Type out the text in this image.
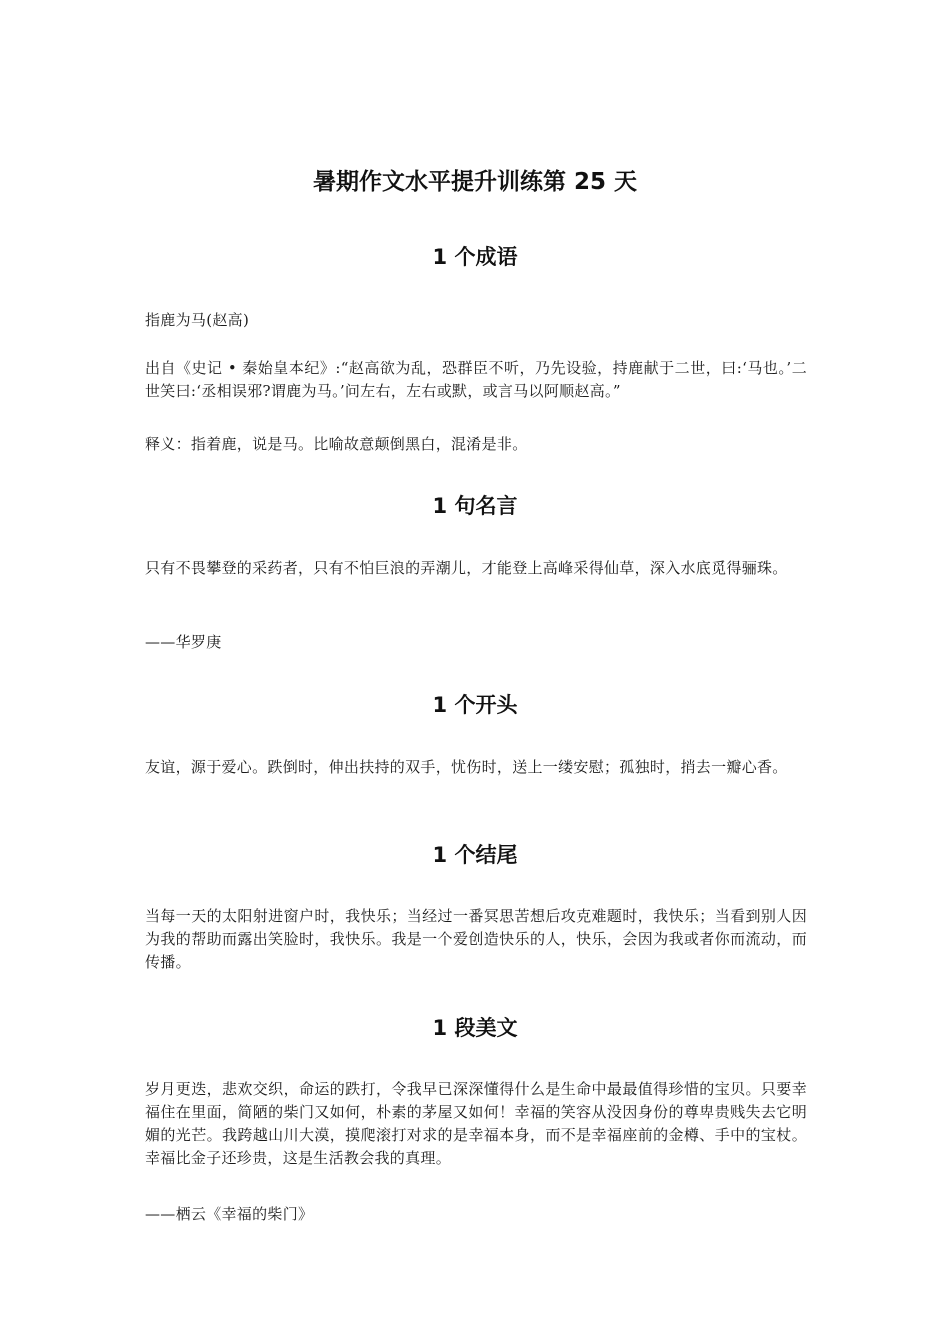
暑期作文水平提升训练第 25 天
1 个成语
指鹿为马(赵高)
出自《史记 • 秦始皇本纪》:“赵高欲为乱，恐群臣不听，乃先设验，持鹿献于二世，曰:‘马也。’二世笑曰:‘丞相误邪?谓鹿为马。’问左右，左右或默，或言马以阿顺赵高。”
释义：指着鹿，说是马。比喻故意颠倒黑白，混淆是非。
1 句名言
只有不畏攀登的采药者，只有不怕巨浪的弄潮儿，才能登上高峰采得仙草，深入水底觅得骊珠。
——华罗庚
1 个开头
友谊，源于爱心。跌倒时，伸出扶持的双手，忧伤时，送上一缕安慰；孤独时，捎去一瓣心香。
1 个结尾
当每一天的太阳射进窗户时，我快乐；当经过一番冥思苦想后攻克难题时，我快乐；当看到别人因为我的帮助而露出笑脸时，我快乐。我是一个爱创造快乐的人，快乐，会因为我或者你而流动，而传播。
1 段美文
岁月更迭，悲欢交织，命运的跌打，令我早已深深懂得什么是生命中最最值得珍惜的宝贝。只要幸福住在里面，简陋的柴门又如何，朴素的茅屋又如何！幸福的笑容从没因身份的尊卑贵贱失去它明媚的光芒。我跨越山川大漠，摸爬滚打对求的是幸福本身，而不是幸福座前的金樽、手中的宝杖。幸福比金子还珍贵，这是生活教会我的真理。
——栖云《幸福的柴门》
